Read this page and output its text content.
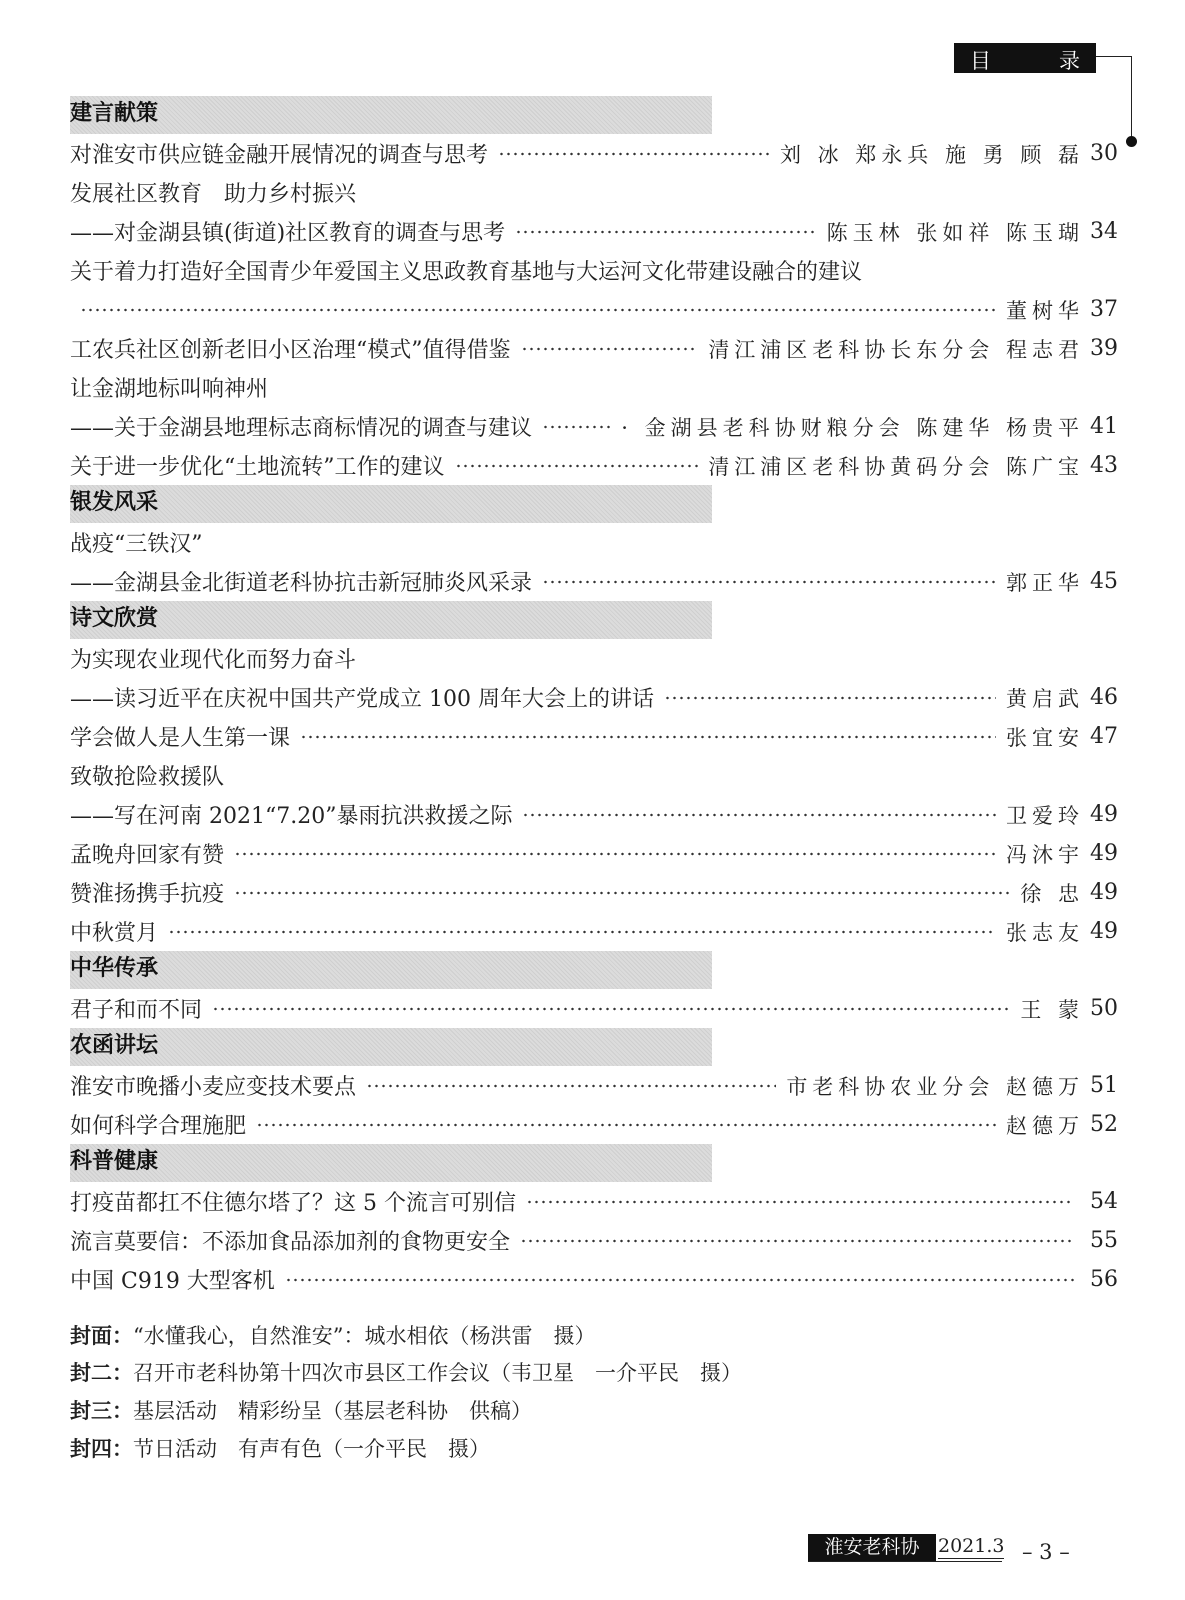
目	录
建言献策
对淮安市供应链金融开展情况的调查与思考	刘 冰 郑永兵 施 勇 顾 磊 30
发展社区教育　助力乡村振兴
——对金湖县镇(街道)社区教育的调查与思考	陈玉林 张如祥 陈玉瑚 34
关于着力打造好全国青少年爱国主义思政教育基地与大运河文化带建设融合的建议
董树华 37
工农兵社区创新老旧小区治理“模式”值得借鉴	清江浦区老科协长东分会 程志君 39
让金湖地标叫响神州
——关于金湖县地理标志商标情况的调查与建议	· 金湖县老科协财粮分会 陈建华 杨贵平 41
关于进一步优化“土地流转”工作的建议	清江浦区老科协黄码分会 陈广宝 43
银发风采
战疫“三铁汉”
——金湖县金北街道老科协抗击新冠肺炎风采录	郭正华 45
诗文欣赏
为实现农业现代化而努力奋斗
——读习近平在庆祝中国共产党成立 100 周年大会上的讲话	黄启武 46
学会做人是人生第一课	张宜安 47
致敬抢险救援队
——写在河南 2021“7.20”暴雨抗洪救援之际	卫爱玲 49
孟晚舟回家有赞	冯沐宇 49
赞淮扬携手抗疫	徐 忠 49
中秋赏月	张志友 49
中华传承
君子和而不同	王 蒙 50
农函讲坛
淮安市晚播小麦应变技术要点	市老科协农业分会 赵德万 51
如何科学合理施肥	赵德万 52
科普健康
打疫苗都扛不住德尔塔了？这 5 个流言可别信	54
流言莫要信：不添加食品添加剂的食物更安全	55
中国 C919 大型客机	56
封面：“水懂我心，自然淮安”：城水相依（杨洪雷　摄）
封二：召开市老科协第十四次市县区工作会议（韦卫星　一介平民　摄）
封三：基层活动　精彩纷呈（基层老科协　供稿）
封四：节日活动　有声有色（一介平民　摄）
淮安老科协 2021.3 – 3 –
